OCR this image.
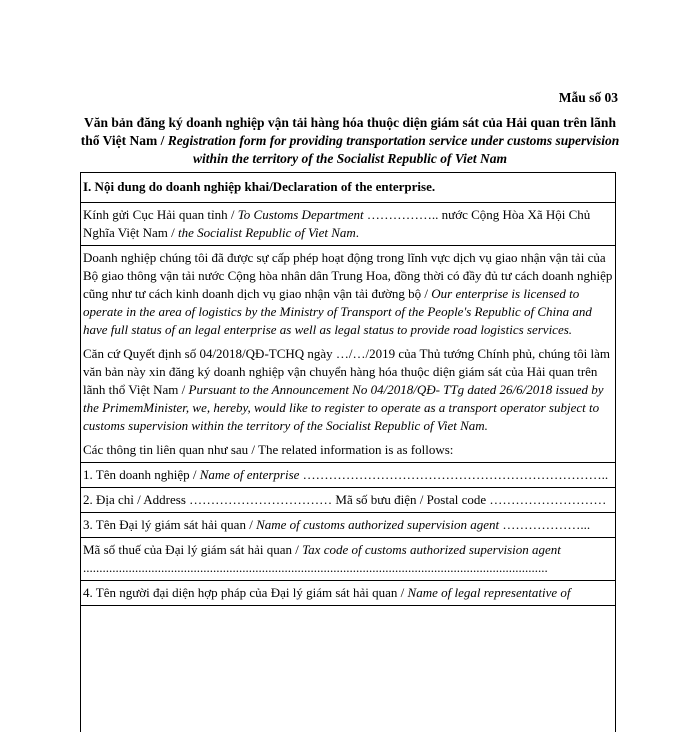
Mẫu số 03
Văn bản đăng ký doanh nghiệp vận tải hàng hóa thuộc diện giám sát của Hải quan trên lãnh thổ Việt Nam / Registration form for providing transportation service under customs supervision within the territory of the Socialist Republic of Viet Nam
I. Nội dung do doanh nghiệp khai/Declaration of the enterprise.
Kính gửi Cục Hải quan tỉnh / To Customs Department …………….. nước Cộng Hòa Xã Hội Chủ Nghĩa Việt Nam / the Socialist Republic of Viet Nam.
Doanh nghiệp chúng tôi đã được sự cấp phép hoạt động trong lĩnh vực dịch vụ giao nhận vận tải của Bộ giao thông vận tải nước Cộng hòa nhân dân Trung Hoa, đồng thời có đầy đủ tư cách doanh nghiệp cũng như tư cách kinh doanh dịch vụ giao nhận vận tải đường bộ / Our enterprise is licensed to operate in the area of logistics by the Ministry of Transport of the People's Republic of China and have full status of an legal enterprise as well as legal status to provide road logistics services.
Căn cứ Quyết định số 04/2018/QĐ-TCHQ ngày …/…/2019 của Thủ tướng Chính phủ, chúng tôi làm văn bản này xin đăng ký doanh nghiệp vận chuyển hàng hóa thuộc diện giám sát của Hải quan trên lãnh thổ Việt Nam / Pursuant to the Announcement No 04/2018/QĐ- TTg dated 26/6/2018 issued by the PrimemMinister, we, hereby, would like to register to operate as a transport operator subject to customs supervision within the territory of the Socialist Republic of Viet Nam.
Các thông tin liên quan như sau / The related information is as follows:
1. Tên doanh nghiệp / Name of enterprise ……………………………………………………………..
2. Địa chỉ / Address …………………………… Mã số bưu điện / Postal code ………………………
3. Tên Đại lý giám sát hải quan / Name of customs authorized supervision agent ………………...
Mã số thuế của Đại lý giám sát hải quan / Tax code of customs authorized supervision agent ...............................................................................................................................................
4. Tên người đại diện hợp pháp của Đại lý giám sát hải quan / Name of legal representative of
